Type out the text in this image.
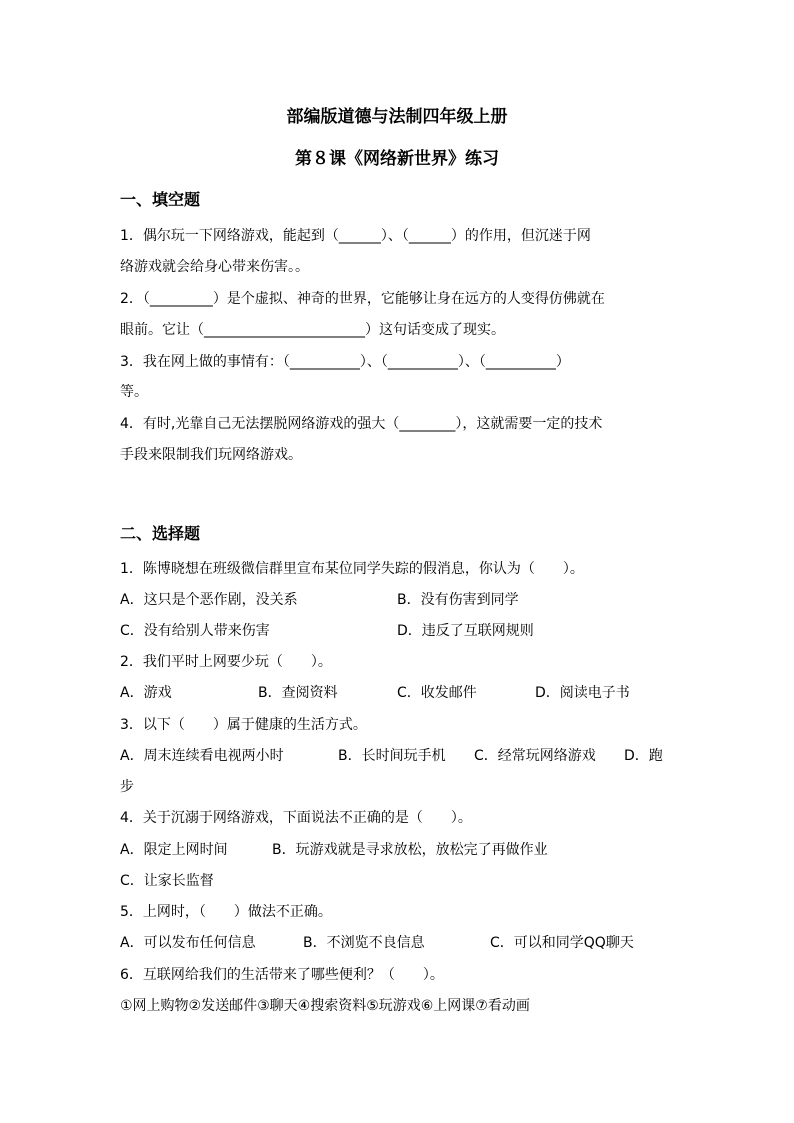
部编版道德与法制四年级上册
第８课《网络新世界》练习
一、填空题
1．偶尔玩一下网络游戏，能起到（______）、（______）的作用，但沉迷于网
络游戏就会给身心带来伤害。。
2．（_________）是个虚拟、神奇的世界，它能够让身在远方的人变得仿佛就在
眼前。它让（_______________________）这句话变成了现实。
3．我在网上做的事情有：（__________）、（__________）、（__________）
等。
4．有时,光靠自己无法摆脱网络游戏的强大（________），这就需要一定的技术
手段来限制我们玩网络游戏。
二、选择题
1．陈博晓想在班级微信群里宣布某位同学失踪的假消息，你认为（　　）。
A．这只是个恶作剧，没关系	B．没有伤害到同学
C．没有给别人带来伤害	D．违反了互联网规则
2．我们平时上网要少玩（　　）。
A．游戏	B．查阅资料	C．收发邮件	D．阅读电子书
3．以下（　　）属于健康的生活方式。
A．周末连续看电视两小时	B．长时间玩手机 C．经常玩网络游戏 D．跑
步
4．关于沉溺于网络游戏，下面说法不正确的是（　　）。
A．限定上网时间	B．玩游戏就是寻求放松，放松完了再做作业
C．让家长监督
5．上网时，（　　）做法不正确。
A．可以发布任何信息	B．不浏览不良信息	C．可以和同学QQ聊天
6．互联网给我们的生活带来了哪些便利？（　　）。
①网上购物②发送邮件③聊天④搜索资料⑤玩游戏⑥上网课⑦看动画
